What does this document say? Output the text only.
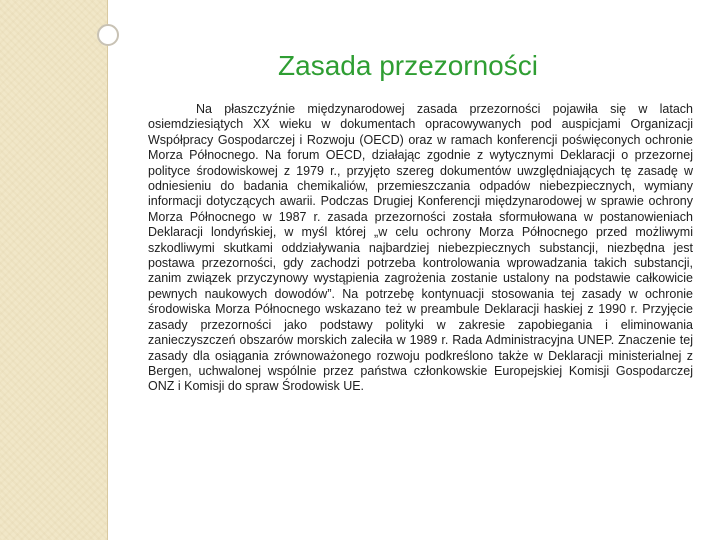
Zasada przezorności

Na płaszczyźnie międzynarodowej zasada przezorności pojawiła się w latach osiemdziesiątych XX wieku w dokumentach opracowywanych pod auspicjami Organizacji Współpracy Gospodarczej i Rozwoju (OECD) oraz w ramach konferencji poświęconych ochronie Morza Północnego. Na forum OECD, działając zgodnie z wytycznymi Deklaracji o przezornej polityce środowiskowej z 1979 r., przyjęto szereg dokumentów uwzględniających tę zasadę w odniesieniu do badania chemikaliów, przemieszczania odpadów niebezpiecznych, wymiany informacji dotyczących awarii. Podczas Drugiej Konferencji międzynarodowej w sprawie ochrony Morza Północnego w 1987 r. zasada przezorności została sformułowana w postanowieniach Deklaracji londyńskiej, w myśl której „w celu ochrony Morza Północnego przed możliwymi szkodliwymi skutkami oddziaływania najbardziej niebezpiecznych substancji, niezbędna jest postawa przezorności, gdy zachodzi potrzeba kontrolowania wprowadzania takich substancji, zanim związek przyczynowy wystąpienia zagrożenia zostanie ustalony na podstawie całkowicie pewnych naukowych dowodów”. Na potrzebę kontynuacji stosowania tej zasady w ochronie środowiska Morza Północnego wskazano też w preambule Deklaracji haskiej z 1990 r. Przyjęcie zasady przezorności jako podstawy polityki w zakresie zapobiegania i eliminowania zanieczyszczeń obszarów morskich zaleciła w 1989 r. Rada Administracyjna UNEP. Znaczenie tej zasady dla osiągania zrównoważonego rozwoju podkreślono także w Deklaracji ministerialnej z Bergen, uchwalonej wspólnie przez państwa członkowskie Europejskiej Komisji Gospodarczej ONZ i Komisji do spraw Środowisk UE.
